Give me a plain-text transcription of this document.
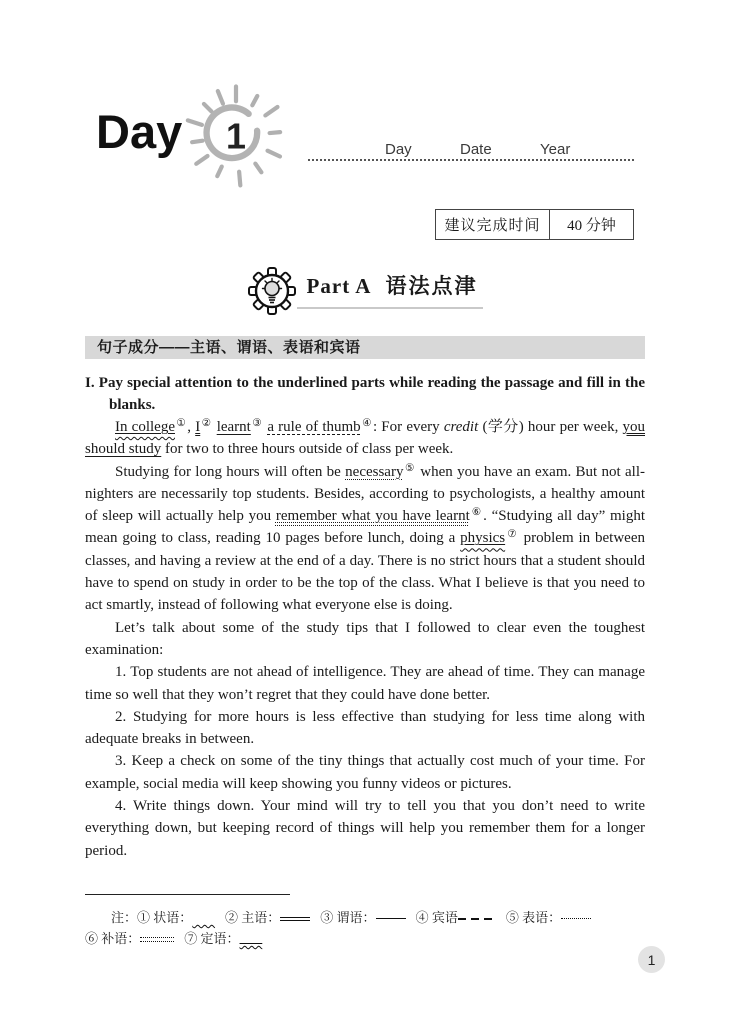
Day 1	Day	Date	Year
建议完成时间	40 分钟
Part A 语法点津
句子成分——主语、谓语、表语和宾语
I. Pay special attention to the underlined parts while reading the passage and fill in the blanks.

In college①, I② learnt③ a rule of thumb④: For every credit (学分) hour per week, you should study for two to three hours outside of class per week.

Studying for long hours will often be necessary⑤ when you have an exam. But not all-nighters are necessarily top students. Besides, according to psychologists, a healthy amount of sleep will actually help you remember what you have learnt⑥. “Studying all day” might mean going to class, reading 10 pages before lunch, doing a physics⑦ problem in between classes, and having a review at the end of a day. There is no strict hours that a student should have to spend on study in order to be the top of the class. What I believe is that you need to act smartly, instead of following what everyone else is doing.

Let’s talk about some of the study tips that I followed to clear even the toughest examination:

1. Top students are not ahead of intelligence. They are ahead of time. They can manage time so well that they won’t regret that they could have done better.

2. Studying for more hours is less effective than studying for less time along with adequate breaks in between.

3. Keep a check on some of the tiny things that actually cost much of your time. For example, social media will keep showing you funny videos or pictures.

4. Write things down. Your mind will try to tell you that you don’t need to write everything down, but keeping record of things will help you remember them for a longer period.

注：① 状语：	② 主语：	③ 谓语：	④ 宾语	⑤ 表语：⑥ 补语：	⑦ 定语：
1
